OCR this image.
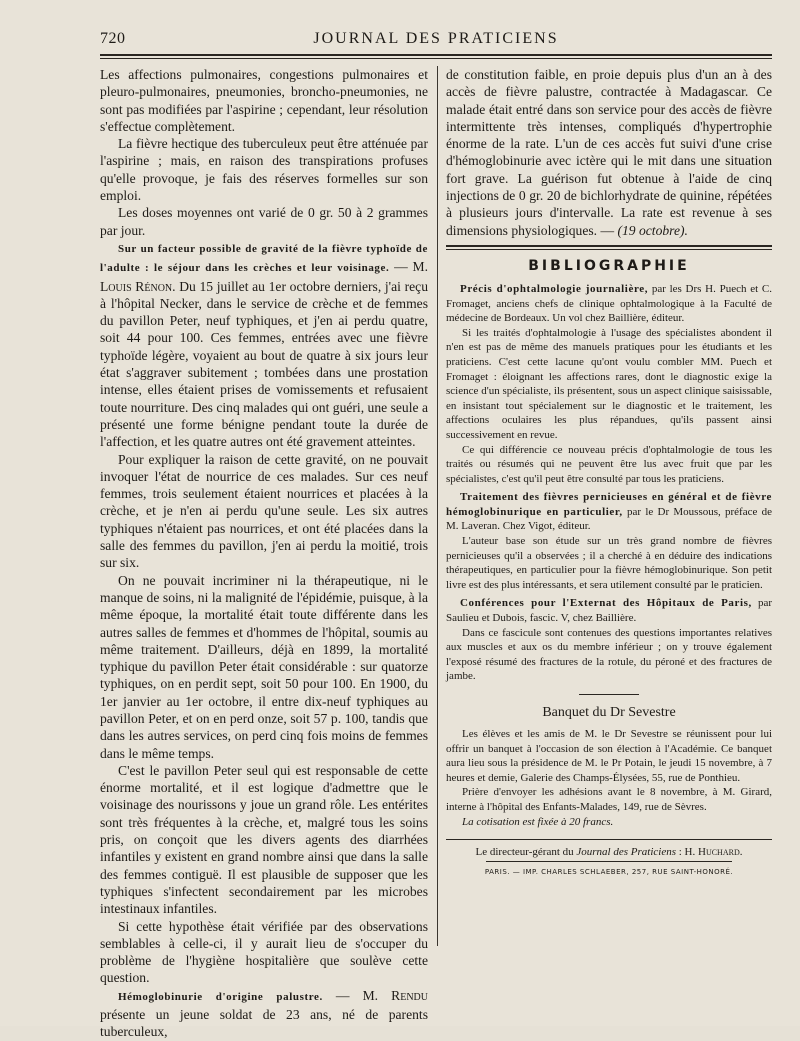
720	JOURNAL DES PRATICIENS

Les affections pulmonaires, congestions pulmonaires et pleuro-pulmonaires, pneumonies, broncho-pneumonies, ne sont pas modifiées par l'aspirine ; cependant, leur résolution s'effectue complètement.

La fièvre hectique des tuberculeux peut être atténuée par l'aspirine ; mais, en raison des transpirations profuses qu'elle provoque, je fais des réserves formelles sur son emploi.

Les doses moyennes ont varié de 0 gr. 50 à 2 grammes par jour.

Sur un facteur possible de gravité de la fièvre typhoïde de l'adulte : le séjour dans les crèches et leur voisinage. — M. Louis Rénon. Du 15 juillet au 1er octobre derniers, j'ai reçu à l'hôpital Necker, dans le service de crèche et de femmes du pavillon Peter, neuf typhiques, et j'en ai perdu quatre, soit 44 pour 100. Ces femmes, entrées avec une fièvre typhoïde légère, voyaient au bout de quatre à six jours leur état s'aggraver subitement ; tombées dans une prostation intense, elles étaient prises de vomissements et refusaient toute nourriture. Des cinq malades qui ont guéri, une seule a présenté une forme bénigne pendant toute la durée de l'affection, et les quatre autres ont été gravement atteintes.

Pour expliquer la raison de cette gravité, on ne pouvait invoquer l'état de nourrice de ces malades. Sur ces neuf femmes, trois seulement étaient nourrices et placées à la crèche, et je n'en ai perdu qu'une seule. Les six autres typhiques n'étaient pas nourrices, et ont été placées dans la salle des femmes du pavillon, j'en ai perdu la moitié, trois sur six.

On ne pouvait incriminer ni la thérapeutique, ni le manque de soins, ni la malignité de l'épidémie, puisque, à la même époque, la mortalité était toute différente dans les autres salles de femmes et d'hommes de l'hôpital, soumis au même traitement. D'ailleurs, déjà en 1899, la mortalité typhique du pavillon Peter était considérable : sur quatorze typhiques, on en perdit sept, soit 50 pour 100. En 1900, du 1er janvier au 1er octobre, il entre dix-neuf typhiques au pavillon Peter, et on en perd onze, soit 57 p. 100, tandis que dans les autres services, on perd cinq fois moins de femmes dans le même temps.

C'est le pavillon Peter seul qui est responsable de cette énorme mortalité, et il est logique d'admettre que le voisinage des nourissons y joue un grand rôle. Les entérites sont très fréquentes à la crèche, et, malgré tous les soins pris, on conçoit que les divers agents des diarrhées infantiles y existent en grand nombre ainsi que dans la salle des femmes contiguë. Il est plausible de supposer que les typhiques s'infectent secondairement par les microbes intestinaux infantiles.

Si cette hypothèse était vérifiée par des observations semblables à celle-ci, il y aurait lieu de s'occuper du problème de l'hygiène hospitalière que soulève cette question.

Hémoglobinurie d'origine palustre. — M. Rendu présente un jeune soldat de 23 ans, né de parents tuberculeux,

de constitution faible, en proie depuis plus d'un an à des accès de fièvre palustre, contractée à Madagascar. Ce malade était entré dans son service pour des accès de fièvre intermittente très intenses, compliqués d'hypertrophie énorme de la rate. L'un de ces accès fut suivi d'une crise d'hémoglobinurie avec ictère qui le mit dans une situation fort grave. La guérison fut obtenue à l'aide de cinq injections de 0 gr. 20 de bichlorhydrate de quinine, répétées à plusieurs jours d'intervalle. La rate est revenue à ses dimensions physiologiques. — (19 octobre).

BIBLIOGRAPHIE

Précis d'ophtalmologie journalière, par les Drs H. Puech et C. Fromaget, anciens chefs de clinique ophtalmologique à la Faculté de médecine de Bordeaux. Un vol chez Baillière, éditeur.

Si les traités d'ophtalmologie à l'usage des spécialistes abondent il n'en est pas de même des manuels pratiques pour les étudiants et les praticiens. C'est cette lacune qu'ont voulu combler MM. Puech et Fromaget : éloignant les affections rares, dont le diagnostic exige la science d'un spécialiste, ils présentent, sous un aspect clinique saisissable, en insistant tout spécialement sur le diagnostic et le traitement, les affections oculaires les plus répandues, qu'ils passent ainsi successivement en revue.

Ce qui différencie ce nouveau précis d'ophtalmologie de tous les traités ou résumés qui ne peuvent être lus avec fruit que par les spécialistes, c'est qu'il peut être consulté par tous les praticiens.

Traitement des fièvres pernicieuses en général et de fièvre hémoglobinurique en particulier, par le Dr Moussous, préface de M. Laveran. Chez Vigot, éditeur.

L'auteur base son étude sur un très grand nombre de fièvres pernicieuses qu'il a observées ; il a cherché à en déduire des indications thérapeutiques, en particulier pour la fièvre hémoglobinurique. Son petit livre est des plus intéressants, et sera utilement consulté par le praticien.

Conférences pour l'Externat des Hôpitaux de Paris, par Saulieu et Dubois, fascic. V, chez Baillière.

Dans ce fascicule sont contenues des questions importantes relatives aux muscles et aux os du membre inférieur ; on y trouve également l'exposé résumé des fractures de la rotule, du péroné et des fractures de jambe.

Banquet du Dr Sevestre

Les élèves et les amis de M. le Dr Sevestre se réunissent pour lui offrir un banquet à l'occasion de son élection à l'Académie. Ce banquet aura lieu sous la présidence de M. le Pr Potain, le jeudi 15 novembre, à 7 heures et demie, Galerie des Champs-Élysées, 55, rue de Ponthieu.

Prière d'envoyer les adhésions avant le 8 novembre, à M. Girard, interne à l'hôpital des Enfants-Malades, 149, rue de Sèvres.

La cotisation est fixée à 20 francs.

Le directeur-gérant du Journal des Praticiens : H. Huchard.
PARIS. — IMP. CHARLES SCHLAEBER, 257, RUE SAINT-HONORÉ.
